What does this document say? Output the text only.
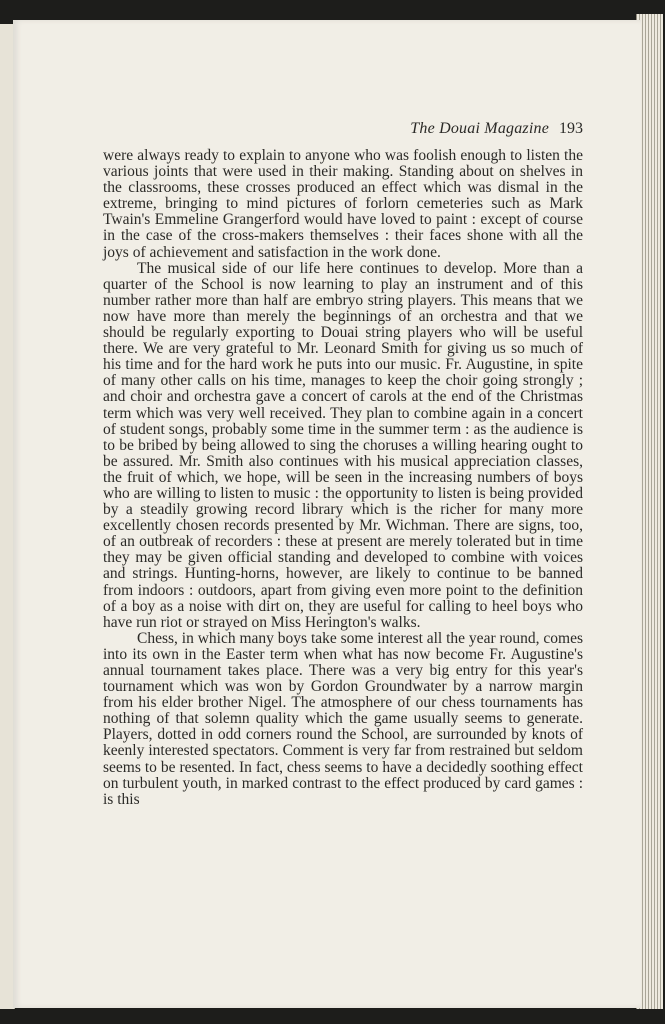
The Douai Magazine 193

were always ready to explain to anyone who was foolish enough to listen the various joints that were used in their making. Standing about on shelves in the classrooms, these crosses produced an effect which was dismal in the extreme, bringing to mind pictures of forlorn cemeteries such as Mark Twain's Emmeline Grangerford would have loved to paint : except of course in the case of the cross-makers themselves : their faces shone with all the joys of achievement and satisfaction in the work done.

The musical side of our life here continues to develop. More than a quarter of the School is now learning to play an instrument and of this number rather more than half are embryo string players. This means that we now have more than merely the beginnings of an orchestra and that we should be regularly exporting to Douai string players who will be useful there. We are very grateful to Mr. Leonard Smith for giving us so much of his time and for the hard work he puts into our music. Fr. Augustine, in spite of many other calls on his time, manages to keep the choir going strongly ; and choir and orchestra gave a concert of carols at the end of the Christmas term which was very well received. They plan to combine again in a concert of student songs, probably some time in the summer term : as the audience is to be bribed by being allowed to sing the choruses a willing hearing ought to be assured. Mr. Smith also continues with his musical appreciation classes, the fruit of which, we hope, will be seen in the increasing numbers of boys who are willing to listen to music : the opportunity to listen is being provided by a steadily growing record library which is the richer for many more excellently chosen records presented by Mr. Wichman. There are signs, too, of an outbreak of recorders : these at present are merely tolerated but in time they may be given official standing and developed to combine with voices and strings. Hunting-horns, however, are likely to continue to be banned from indoors : outdoors, apart from giving even more point to the definition of a boy as a noise with dirt on, they are useful for calling to heel boys who have run riot or strayed on Miss Herington's walks.

Chess, in which many boys take some interest all the year round, comes into its own in the Easter term when what has now become Fr. Augustine's annual tournament takes place. There was a very big entry for this year's tournament which was won by Gordon Groundwater by a narrow margin from his elder brother Nigel. The atmosphere of our chess tournaments has nothing of that solemn quality which the game usually seems to generate. Players, dotted in odd corners round the School, are surrounded by knots of keenly interested spectators. Comment is very far from restrained but seldom seems to be resented. In fact, chess seems to have a decidedly soothing effect on turbulent youth, in marked contrast to the effect produced by card games : is this
